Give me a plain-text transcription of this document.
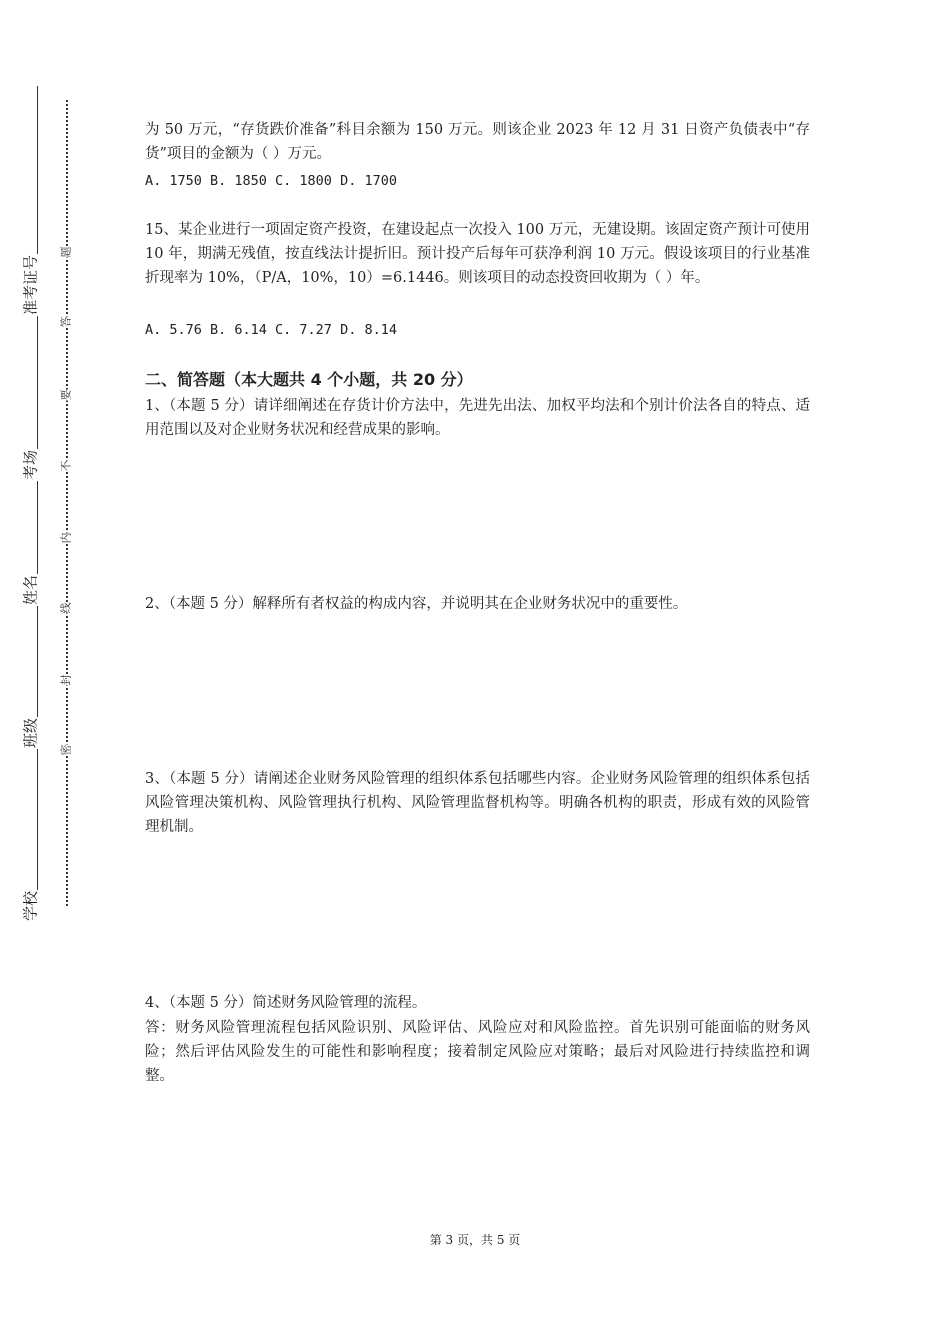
准考证号
考场
姓名
班级
学校
题
答
要
不
内
线
封
密

为 50 万元，“存货跌价准备”科目余额为 150 万元。则该企业 2023 年 12 月 31 日资产负债表中“存货”项目的金额为（ ）万元。

A. 1750 B. 1850 C. 1800 D. 1700

15、某企业进行一项固定资产投资，在建设起点一次投入 100 万元，无建设期。该固定资产预计可使用 10 年，期满无残值，按直线法计提折旧。预计投产后每年可获净利润 10 万元。假设该项目的行业基准折现率为 10%，（P/A，10%，10）=6.1446。则该项目的动态投资回收期为（ ）年。

A. 5.76 B. 6.14 C. 7.27 D. 8.14

二、简答题（本大题共 4 个小题，共 20 分）

1、（本题 5 分）请详细阐述在存货计价方法中，先进先出法、加权平均法和个别计价法各自的特点、适用范围以及对企业财务状况和经营成果的影响。

2、（本题 5 分）解释所有者权益的构成内容，并说明其在企业财务状况中的重要性。

3、（本题 5 分）请阐述企业财务风险管理的组织体系包括哪些内容。企业财务风险管理的组织体系包括风险管理决策机构、风险管理执行机构、风险管理监督机构等。明确各机构的职责，形成有效的风险管理机制。

4、（本题 5 分）简述财务风险管理的流程。

答：财务风险管理流程包括风险识别、风险评估、风险应对和风险监控。首先识别可能面临的财务风险；然后评估风险发生的可能性和影响程度；接着制定风险应对策略；最后对风险进行持续监控和调整。

第 3 页，共 5 页
